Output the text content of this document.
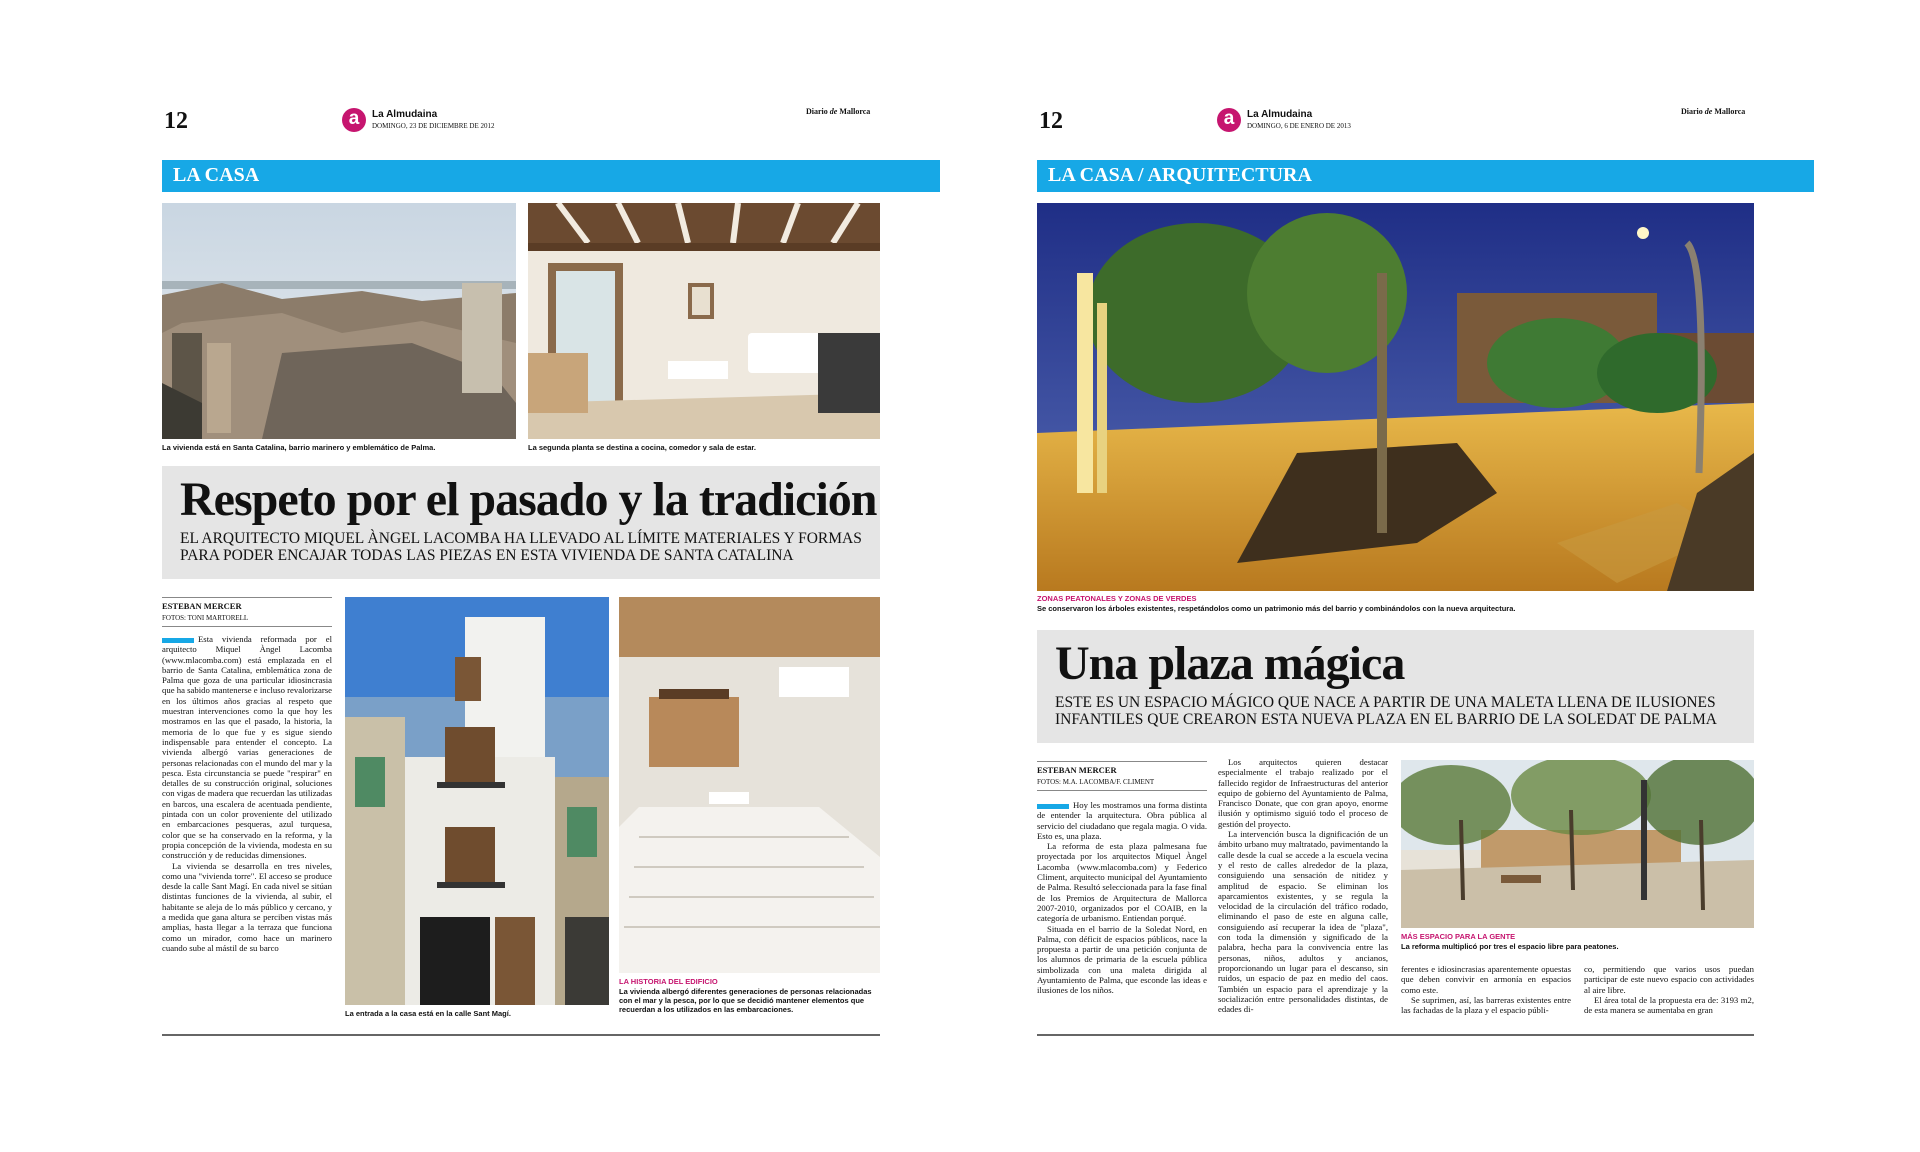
12	a	La Almudaina
DOMINGO, 23 DE DICIEMBRE DE 2012
Diario de Mallorca
LA CASA
La vivienda está en Santa Catalina, barrio marinero y emblemático de Palma.	La segunda planta se destina a cocina, comedor y sala de estar.
Respeto por el pasado y la tradición
EL ARQUITECTO MIQUEL ÀNGEL LACOMBA HA LLEVADO AL LÍMITE MATERIALES Y FORMAS PARA PODER ENCAJAR TODAS LAS PIEZAS EN ESTA VIVIENDA DE SANTA CATALINA
ESTEBAN MERCER
FOTOS: TONI MARTORELL

Esta vivienda reformada por el arquitecto Miquel Àngel Lacomba (www.mlacomba.com) está emplazada en el barrio de Santa Catalina, emblemática zona de Palma que goza de una particular idiosincrasia que ha sabido mantenerse e incluso revalorizarse en los últimos años gracias al respeto que muestran intervenciones como la que hoy les mostramos en las que el pasado, la historia, la memoria de lo que fue y es sigue siendo indispensable para entender el concepto. La vivienda albergó varias generaciones de personas relacionadas con el mundo del mar y la pesca. Esta circunstancia se puede "respirar" en detalles de su construcción original, soluciones con vigas de madera que recuerdan las utilizadas en barcos, una escalera de acentuada pendiente, pintada con un color proveniente del utilizado en embarcaciones pesqueras, azul turquesa, color que se ha conservado en la reforma, y la propia concepción de la vivienda, modesta en su construcción y de reducidas dimensiones.

La vivienda se desarrolla en tres niveles, como una "vivienda torre". El acceso se produce desde la calle Sant Magí. En cada nivel se sitúan distintas funciones de la vivienda, al subir, el habitante se aleja de lo más público y cercano, y a medida que gana altura se perciben vistas más amplias, hasta llegar a la terraza que funciona como un mirador, como hace un marinero cuando sube al mástil de su barco

La entrada a la casa está en la calle Sant Magí.
LA HISTORIA DEL EDIFICIO
La vivienda albergó diferentes generaciones de personas relacionadas con el mar y la pesca, por lo que se decidió mantener elementos que recuerdan a los utilizados en las embarcaciones.
12	a	La Almudaina
DOMINGO, 6 DE ENERO DE 2013
Diario de Mallorca
LA CASA / ARQUITECTURA
ZONAS PEATONALES Y ZONAS DE VERDES
Se conservaron los árboles existentes, respetándolos como un patrimonio más del barrio y combinándolos con la nueva arquitectura.
Una plaza mágica
ESTE ES UN ESPACIO MÁGICO QUE NACE A PARTIR DE UNA MALETA LLENA DE ILUSIONES INFANTILES QUE CREARON ESTA NUEVA PLAZA EN EL BARRIO DE LA SOLEDAT DE PALMA
ESTEBAN MERCER
FOTOS: M.A. LACOMBA/F. CLIMENT

Hoy les mostramos una forma distinta de entender la arquitectura. Obra pública al servicio del ciudadano que regala magia. O vida. Esto es, una plaza.

La reforma de esta plaza palmesana fue proyectada por los arquitectos Miquel Àngel Lacomba (www.mlacomba.com) y Federico Climent, arquitecto municipal del Ayuntamiento de Palma. Resultó seleccionada para la fase final de los Premios de Arquitectura de Mallorca 2007-2010, organizados por el COAIB, en la categoría de urbanismo. Entiendan porqué.

Situada en el barrio de la Soledat Nord, en Palma, con déficit de espacios públicos, nace la propuesta a partir de una petición conjunta de los alumnos de primaria de la escuela pública simbolizada con una maleta dirigida al Ayuntamiento de Palma, que esconde las ideas e ilusiones de los niños.

Los arquitectos quieren destacar especialmente el trabajo realizado por el fallecido regidor de Infraestructuras del anterior equipo de gobierno del Ayuntamiento de Palma, Francisco Donate, que con gran apoyo, enorme ilusión y optimismo siguió todo el proceso de gestión del proyecto.

La intervención busca la dignificación de un ámbito urbano muy maltratado, pavimentando la calle desde la cual se accede a la escuela vecina y el resto de calles alrededor de la plaza, consiguiendo una sensación de nitidez y amplitud de espacio. Se eliminan los aparcamientos existentes, y se regula la velocidad de la circulación del tráfico rodado, eliminando el paso de este en alguna calle, consiguiendo así recuperar la idea de "plaza", con toda la dimensión y significado de la palabra, hecha para la convivencia entre las personas, niños, adultos y ancianos, proporcionando un lugar para el descanso, sin ruidos, un espacio de paz en medio del caos. También un espacio para el aprendizaje y la socialización entre personalidades distintas, de edades di-

MÁS ESPACIO PARA LA GENTE
La reforma multiplicó por tres el espacio libre para peatones.

ferentes e idiosincrasias aparentemente opuestas que deben convivir en armonía en espacios como este.

Se suprimen, así, las barreras existentes entre las fachadas de la plaza y el espacio públi-

co, permitiendo que varios usos puedan participar de este nuevo espacio con actividades al aire libre.

El área total de la propuesta era de: 3193 m2, de esta manera se aumentaba en gran
